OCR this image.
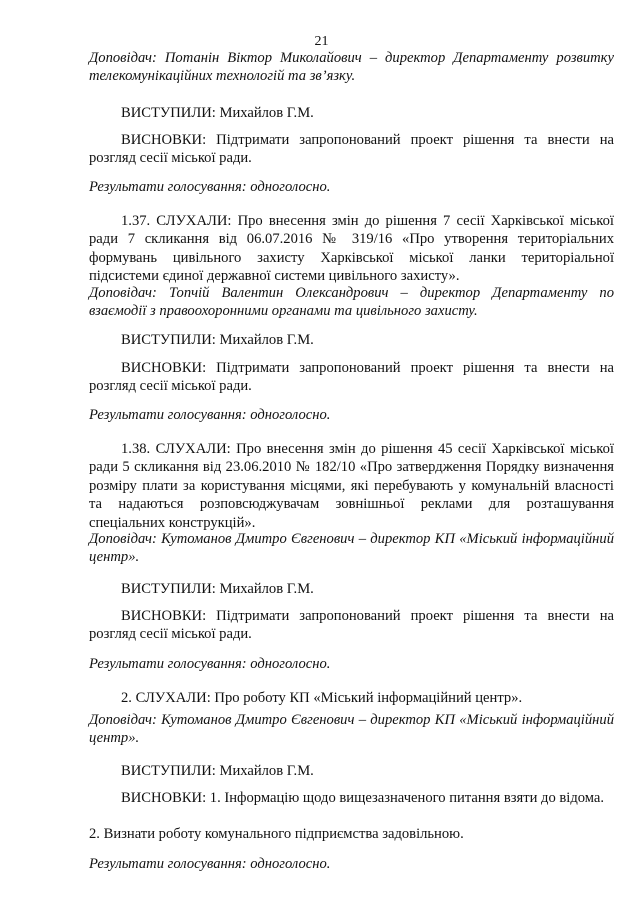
21

Доповідач: Потанін Віктор Миколайович – директор Департаменту розвитку телекомунікаційних технологій та зв’язку.

ВИСТУПИЛИ: Михайлов Г.М.

ВИСНОВКИ: Підтримати запропонований проект рішення та внести на розгляд сесії міської ради.

Результати голосування: одноголосно.

1.37. СЛУХАЛИ: Про внесення змін до рішення 7 сесії Харківської міської ради 7 скликання від 06.07.2016 № 319/16 «Про утворення територіальних формувань цивільного захисту Харківської міської ланки територіальної підсистеми єдиної державної системи цивільного захисту».

Доповідач: Топчій Валентин Олександрович – директор Департаменту по взаємодії з правоохоронними органами та цивільного захисту.

ВИСТУПИЛИ: Михайлов Г.М.

ВИСНОВКИ: Підтримати запропонований проект рішення та внести на розгляд сесії міської ради.

Результати голосування: одноголосно.

1.38. СЛУХАЛИ: Про внесення змін до рішення 45 сесії Харківської міської ради 5 скликання від 23.06.2010 № 182/10 «Про затвердження Порядку визначення розміру плати за користування місцями, які перебувають у комунальній власності та надаються розповсюджувачам зовнішньої реклами для розташування спеціальних конструкцій».

Доповідач: Кутоманов Дмитро Євгенович – директор КП «Міський інформаційний центр».

ВИСТУПИЛИ: Михайлов Г.М.

ВИСНОВКИ: Підтримати запропонований проект рішення та внести на розгляд сесії міської ради.

Результати голосування: одноголосно.

2. СЛУХАЛИ: Про роботу КП «Міський інформаційний центр».

Доповідач: Кутоманов Дмитро Євгенович – директор КП «Міський інформаційний центр».

ВИСТУПИЛИ: Михайлов Г.М.

ВИСНОВКИ: 1. Інформацію щодо вищезазначеного питання взяти до відома.

2. Визнати роботу комунального підприємства задовільною.

Результати голосування: одноголосно.
